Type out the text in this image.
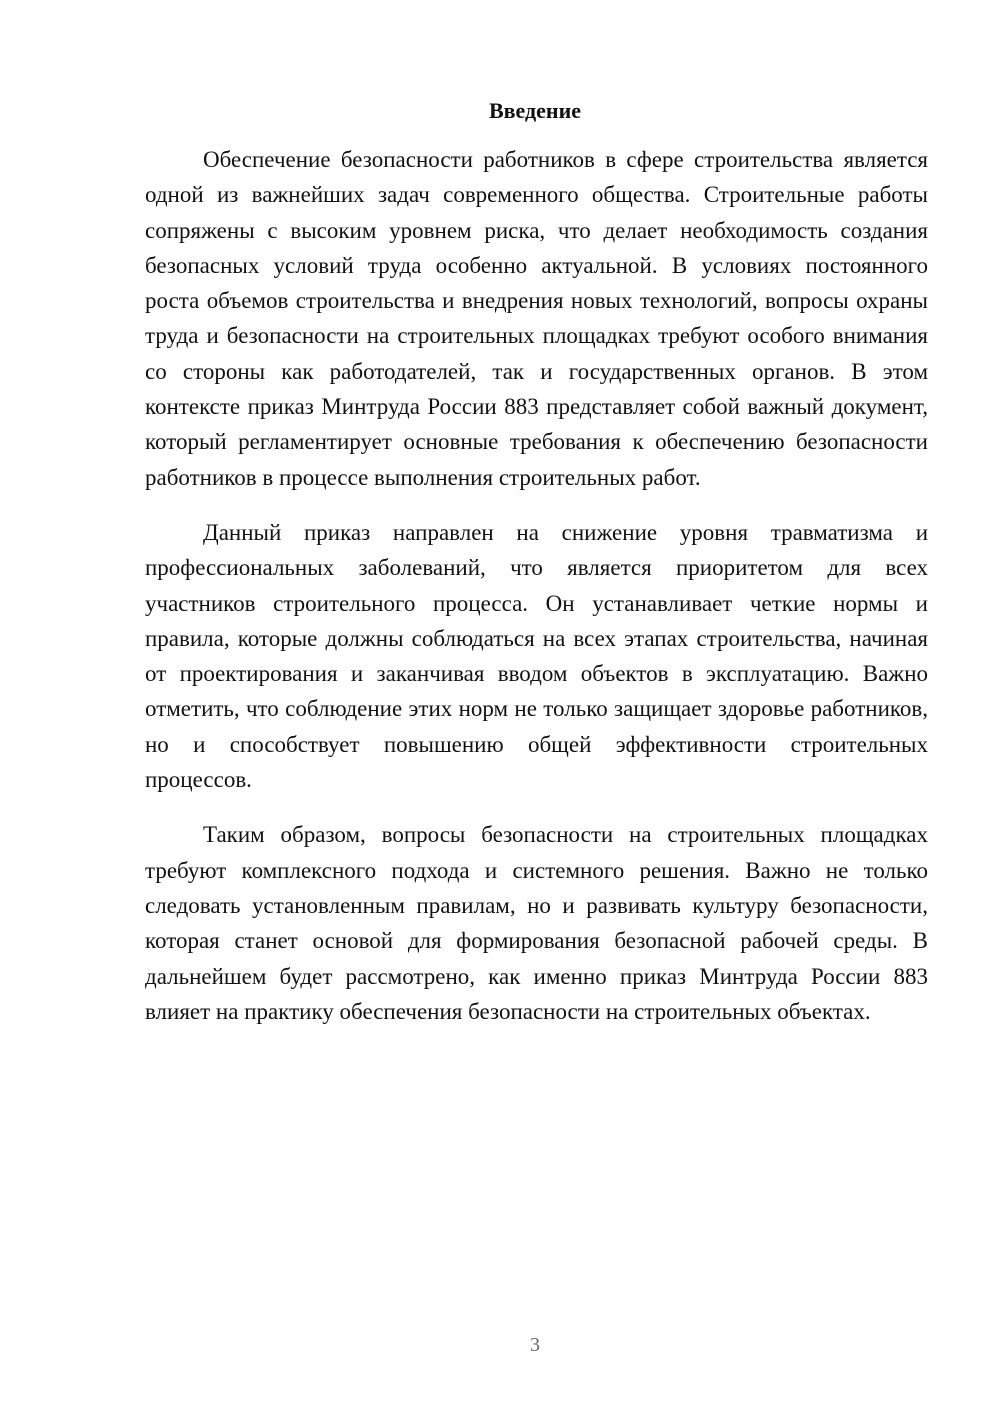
Введение

Обеспечение безопасности работников в сфере строительства является одной из важнейших задач современного общества. Строительные работы сопряжены с высоким уровнем риска, что делает необходимость создания безопасных условий труда особенно актуальной. В условиях постоянного роста объемов строительства и внедрения новых технологий, вопросы охраны труда и безопасности на строительных площадках требуют особого внимания со стороны как работодателей, так и государственных органов. В этом контексте приказ Минтруда России 883 представляет собой важный документ, который регламентирует основные требования к обеспечению безопасности работников в процессе выполнения строительных работ.

Данный приказ направлен на снижение уровня травматизма и профессиональных заболеваний, что является приоритетом для всех участников строительного процесса. Он устанавливает четкие нормы и правила, которые должны соблюдаться на всех этапах строительства, начиная от проектирования и заканчивая вводом объектов в эксплуатацию. Важно отметить, что соблюдение этих норм не только защищает здоровье работников, но и способствует повышению общей эффективности строительных процессов.

Таким образом, вопросы безопасности на строительных площадках требуют комплексного подхода и системного решения. Важно не только следовать установленным правилам, но и развивать культуру безопасности, которая станет основой для формирования безопасной рабочей среды. В дальнейшем будет рассмотрено, как именно приказ Минтруда России 883 влияет на практику обеспечения безопасности на строительных объектах.

3
